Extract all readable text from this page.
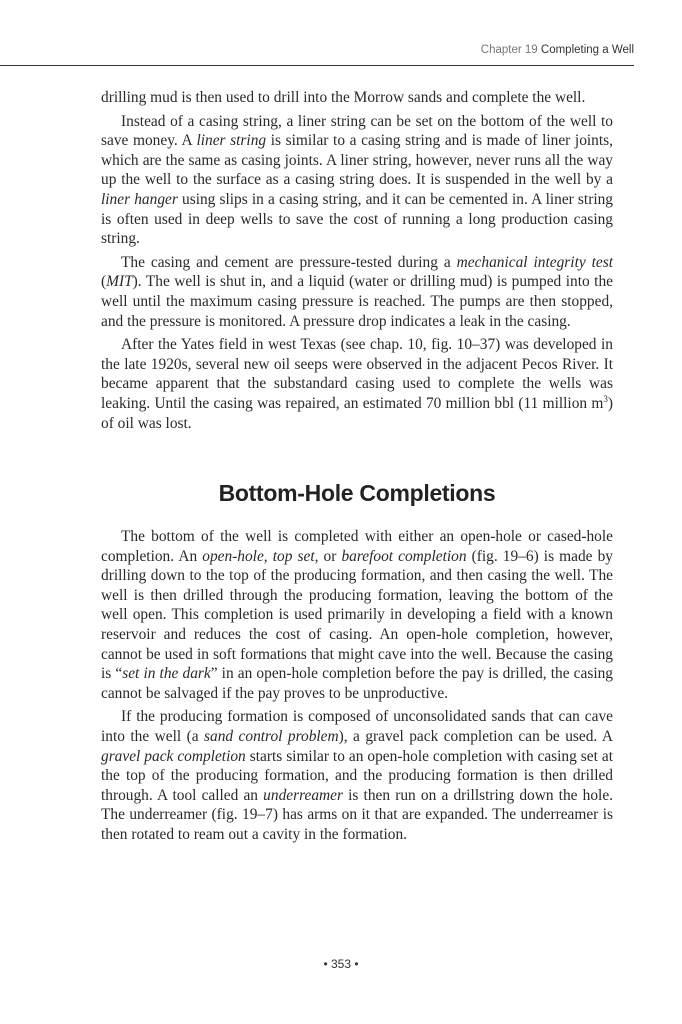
Chapter 19 Completing a Well

drilling mud is then used to drill into the Morrow sands and complete the well.

Instead of a casing string, a liner string can be set on the bottom of the well to save money. A liner string is similar to a casing string and is made of liner joints, which are the same as casing joints. A liner string, however, never runs all the way up the well to the surface as a casing string does. It is suspended in the well by a liner hanger using slips in a casing string, and it can be cemented in. A liner string is often used in deep wells to save the cost of running a long production casing string.

The casing and cement are pressure-tested during a mechanical integrity test (MIT). The well is shut in, and a liquid (water or drilling mud) is pumped into the well until the maximum casing pressure is reached. The pumps are then stopped, and the pressure is monitored. A pressure drop indicates a leak in the casing.

After the Yates field in west Texas (see chap. 10, fig. 10–37) was developed in the late 1920s, several new oil seeps were observed in the adjacent Pecos River. It became apparent that the substandard casing used to complete the wells was leaking. Until the casing was repaired, an estimated 70 million bbl (11 million $m^3$) of oil was lost.

Bottom-Hole Completions

The bottom of the well is completed with either an open-hole or cased-hole completion. An open-hole, top set, or barefoot completion (fig. 19–6) is made by drilling down to the top of the producing formation, and then casing the well. The well is then drilled through the producing formation, leaving the bottom of the well open. This completion is used primarily in developing a field with a known reservoir and reduces the cost of casing. An open-hole completion, however, cannot be used in soft formations that might cave into the well. Because the casing is “set in the dark” in an open-hole completion before the pay is drilled, the casing cannot be salvaged if the pay proves to be unproductive.

If the producing formation is composed of unconsolidated sands that can cave into the well (a sand control problem), a gravel pack completion can be used. A gravel pack completion starts similar to an open-hole completion with casing set at the top of the producing formation, and the producing formation is then drilled through. A tool called an underreamer is then run on a drillstring down the hole. The underreamer (fig. 19–7) has arms on it that are expanded. The underreamer is then rotated to ream out a cavity in the formation.

• 353 •
